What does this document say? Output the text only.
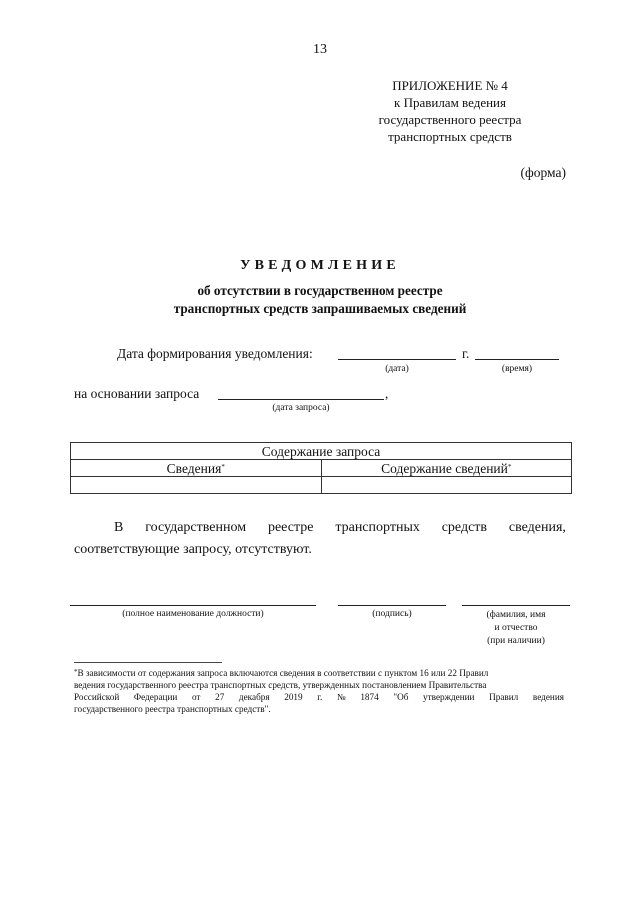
13
ПРИЛОЖЕНИЕ № 4
к Правилам ведения
государственного реестра
транспортных средств
(форма)
УВЕДОМЛЕНИЕ
об отсутствии в государственном реестре
транспортных средств запрашиваемых сведений
Дата формирования уведомления:	г.
(дата)	(время)
на основании запроса	,
(дата запроса)
Содержание запроса	
Сведения*	Содержание сведений*

В государственном реестре транспортных средств сведения,
соответствующие запросу, отсутствуют.
(полное наименование должности)	(подпись)	(фамилия, имя
и отчество
(при наличии)
*В зависимости от содержания запроса включаются сведения в соответствии с пунктом 16 или 22 Правил
ведения государственного реестра транспортных средств, утвержденных постановлением Правительства
Российской Федерации от 27 декабря 2019 г. № 1874 "Об утверждении Правил ведения
государственного реестра транспортных средств".
